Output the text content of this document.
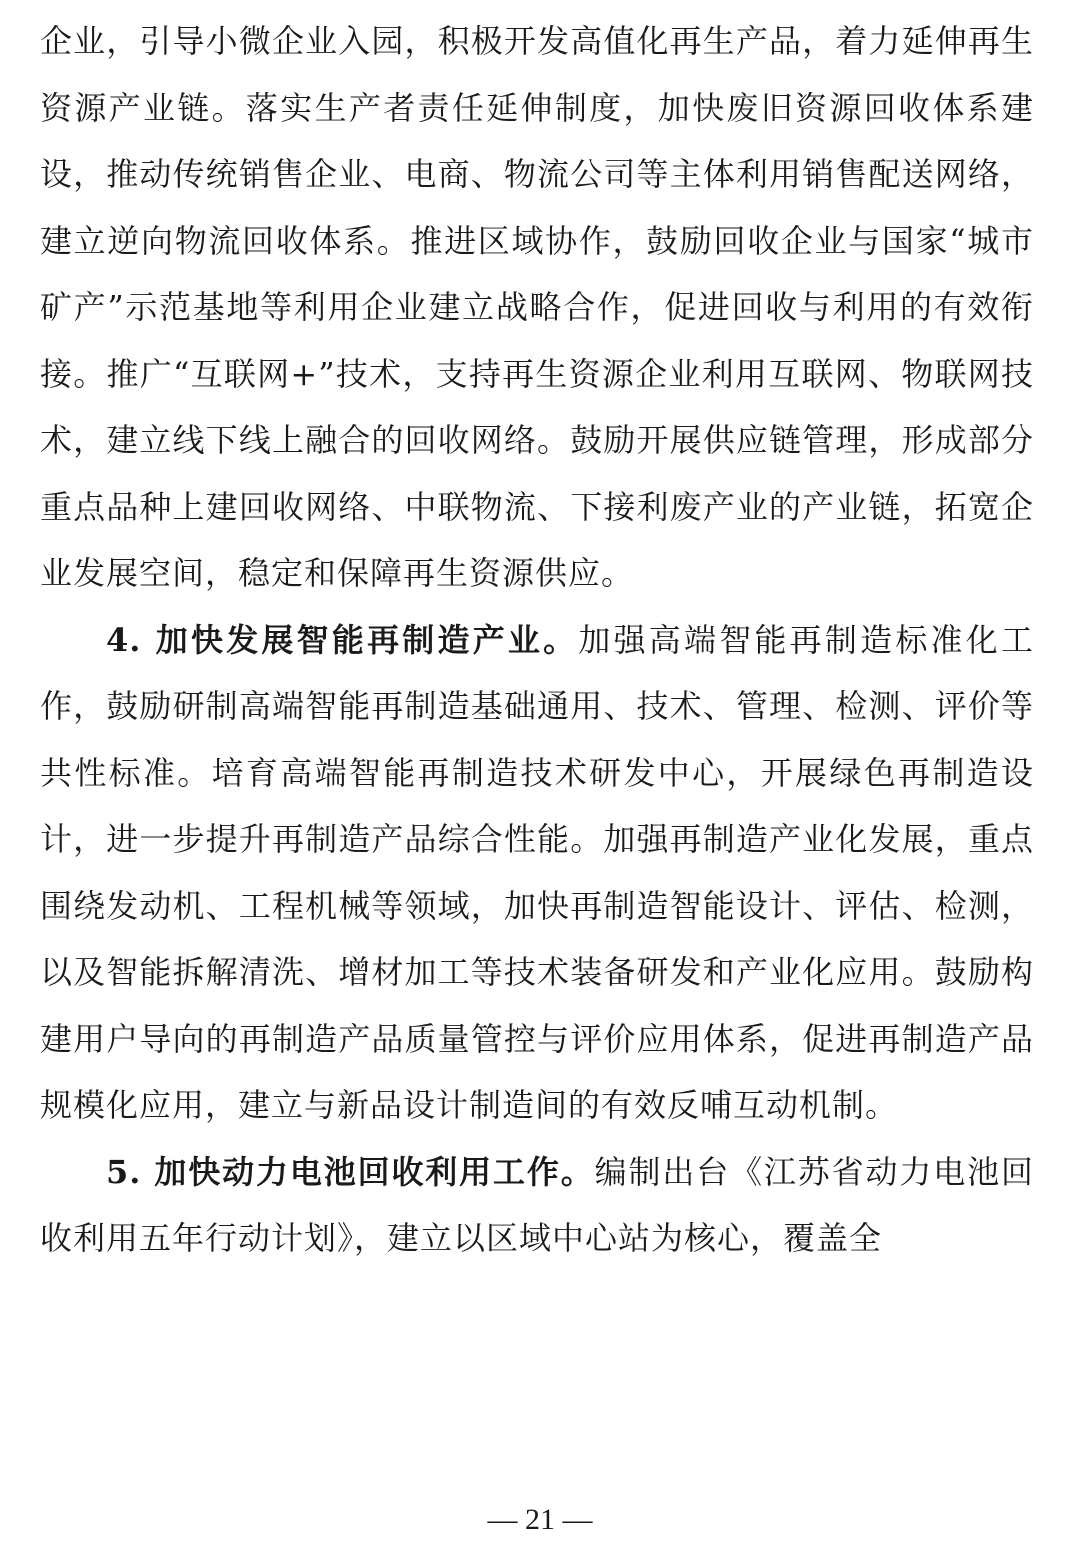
企业，引导小微企业入园，积极开发高值化再生产品，着力延伸再生资源产业链。落实生产者责任延伸制度，加快废旧资源回收体系建设，推动传统销售企业、电商、物流公司等主体利用销售配送网络，建立逆向物流回收体系。推进区域协作，鼓励回收企业与国家“城市矿产”示范基地等利用企业建立战略合作，促进回收与利用的有效衔接。推广“互联网+”技术，支持再生资源企业利用互联网、物联网技术，建立线下线上融合的回收网络。鼓励开展供应链管理，形成部分重点品种上建回收网络、中联物流、下接利废产业的产业链，拓宽企业发展空间，稳定和保障再生资源供应。

4. 加快发展智能再制造产业。加强高端智能再制造标准化工作，鼓励研制高端智能再制造基础通用、技术、管理、检测、评价等共性标准。培育高端智能再制造技术研发中心，开展绿色再制造设计，进一步提升再制造产品综合性能。加强再制造产业化发展，重点围绕发动机、工程机械等领域，加快再制造智能设计、评估、检测，以及智能拆解清洗、增材加工等技术装备研发和产业化应用。鼓励构建用户导向的再制造产品质量管控与评价应用体系，促进再制造产品规模化应用，建立与新品设计制造间的有效反哺互动机制。

5. 加快动力电池回收利用工作。编制出台《江苏省动力电池回收利用五年行动计划》，建立以区域中心站为核心，覆盖全

— 21 —
